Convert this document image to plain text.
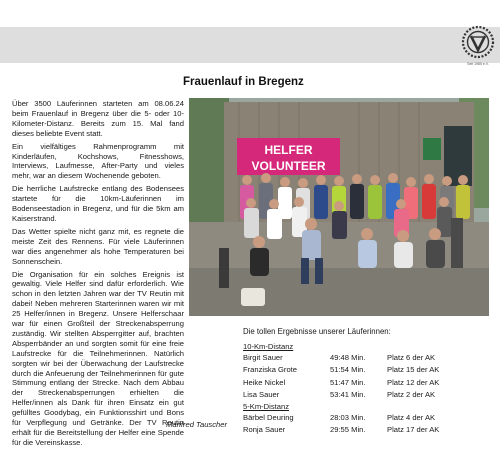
Seit 1985 e.V.
Frauenlauf in Bregenz

Über 3500 Läuferinnen starteten am 08.06.24 beim Frauenlauf in Bregenz über die 5- oder 10-Kilometer-Distanz. Bereits zum 15. Mal fand dieses beliebte Event statt.

Ein vielfältiges Rahmenprogramm mit Kinderläufen, Kochshows, Fitnesshows, Interviews, Laufmesse, After-Party und vieles mehr, war an diesem Wochenende geboten.

Die herrliche Laufstrecke entlang des Bodensees startete für die 10km-Läuferinnen im Bodenseestadion in Bregenz, und für die 5km am Kaiserstrand.

Das Wetter spielte nicht ganz mit, es regnete die meiste Zeit des Rennens. Für viele Läuferinnen war dies angenehmer als hohe Temperaturen bei Sonnenschein.

Die Organisation für ein solches Ereignis ist gewaltig. Viele Helfer sind dafür erforderlich. Wie schon in den letzten Jahren war der TV Reutin mit dabei! Neben mehreren Starterinnen waren wir mit 25 Helfer/innen in Bregenz. Unsere Helferschaar war für einen Großteil der Streckenabsperrung zuständig. Wir stellten Absperrgitter auf, brachten Absperrbänder an und sorgten somit für eine freie Laufstrecke für die Teilnehmerinnen. Natürlich sorgten wir bei der Überwachung der Laufstrecke durch die Anfeuerung der Teilnehmerinnen für gute Stimmung entlang der Strecke. Nach dem Abbau der Streckenabsperrungen erhielten die Helfer/innen als Dank für ihren Einsatz ein gut gefülltes Goodybag, ein Funktionsshirt und Bons für Verpflegung und Getränke. Der TV Reutin erhält für die Bereitstellung der Helfer eine Spende für die Vereinskasse.

Manfred Tauscher
HELFER
VOLUNTEER
Die tollen Ergebnisse unserer Läuferinnen:
10-Km-Distanz
Birgit Sauer	49:48 Min.	Platz 6 der AK
Franziska Grote	51:54 Min.	Platz 15 der AK
Heike Nickel	51:47 Min.	Platz 12 der AK
Lisa Sauer	53:41 Min.	Platz 2 der AK
5-Km-Distanz
Bärbel Deuring	28:03 Min.	Platz 4 der AK
Ronja Sauer	29:55 Min.	Platz 17 der AK
